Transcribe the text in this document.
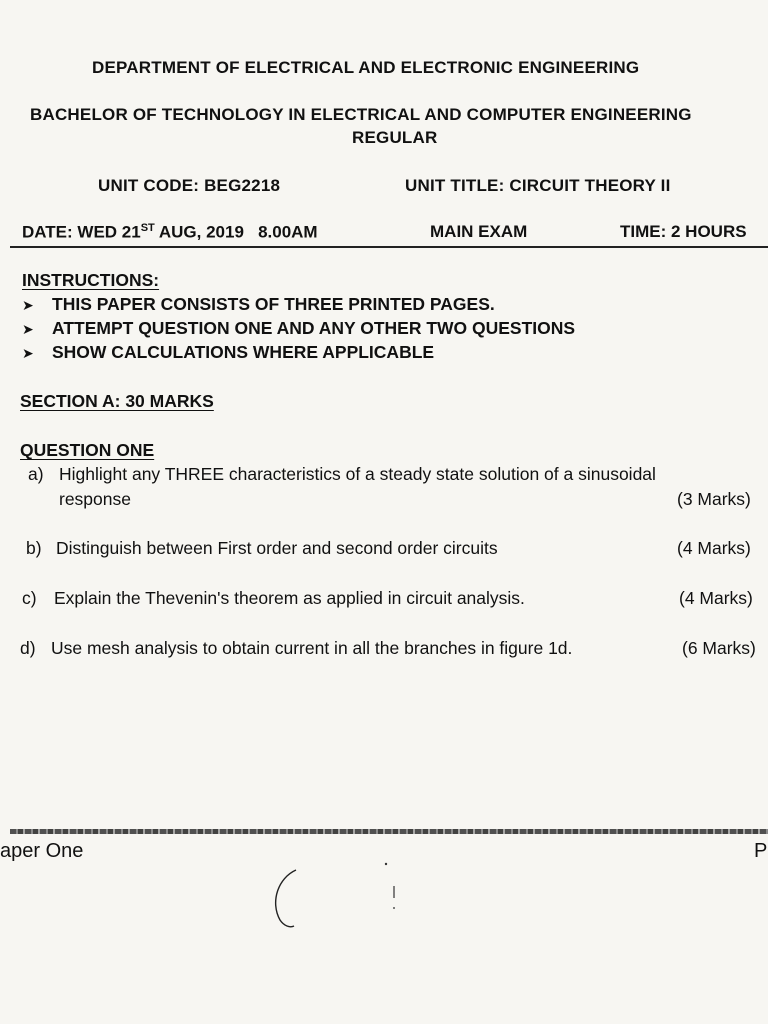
DEPARTMENT OF ELECTRICAL AND ELECTRONIC ENGINEERING
BACHELOR OF TECHNOLOGY IN ELECTRICAL AND COMPUTER ENGINEERING
REGULAR
UNIT CODE: BEG2218	UNIT TITLE: CIRCUIT THEORY II
DATE: WED 21ST AUG, 2019   8.00AM	MAIN EXAM	TIME: 2 HOURS
INSTRUCTIONS:
➤ THIS PAPER CONSISTS OF THREE PRINTED PAGES.
➤ ATTEMPT QUESTION ONE AND ANY OTHER TWO QUESTIONS
➤ SHOW CALCULATIONS WHERE APPLICABLE
SECTION A: 30 MARKS
QUESTION ONE
a) Highlight any THREE characteristics of a steady state solution of a sinusoidal
response	(3 Marks)
b) Distinguish between First order and second order circuits	(4 Marks)
c) Explain the Thevenin's theorem as applied in circuit analysis.	(4 Marks)
d) Use mesh analysis to obtain current in all the branches in figure 1d.	(6 Marks)
aper One	P
